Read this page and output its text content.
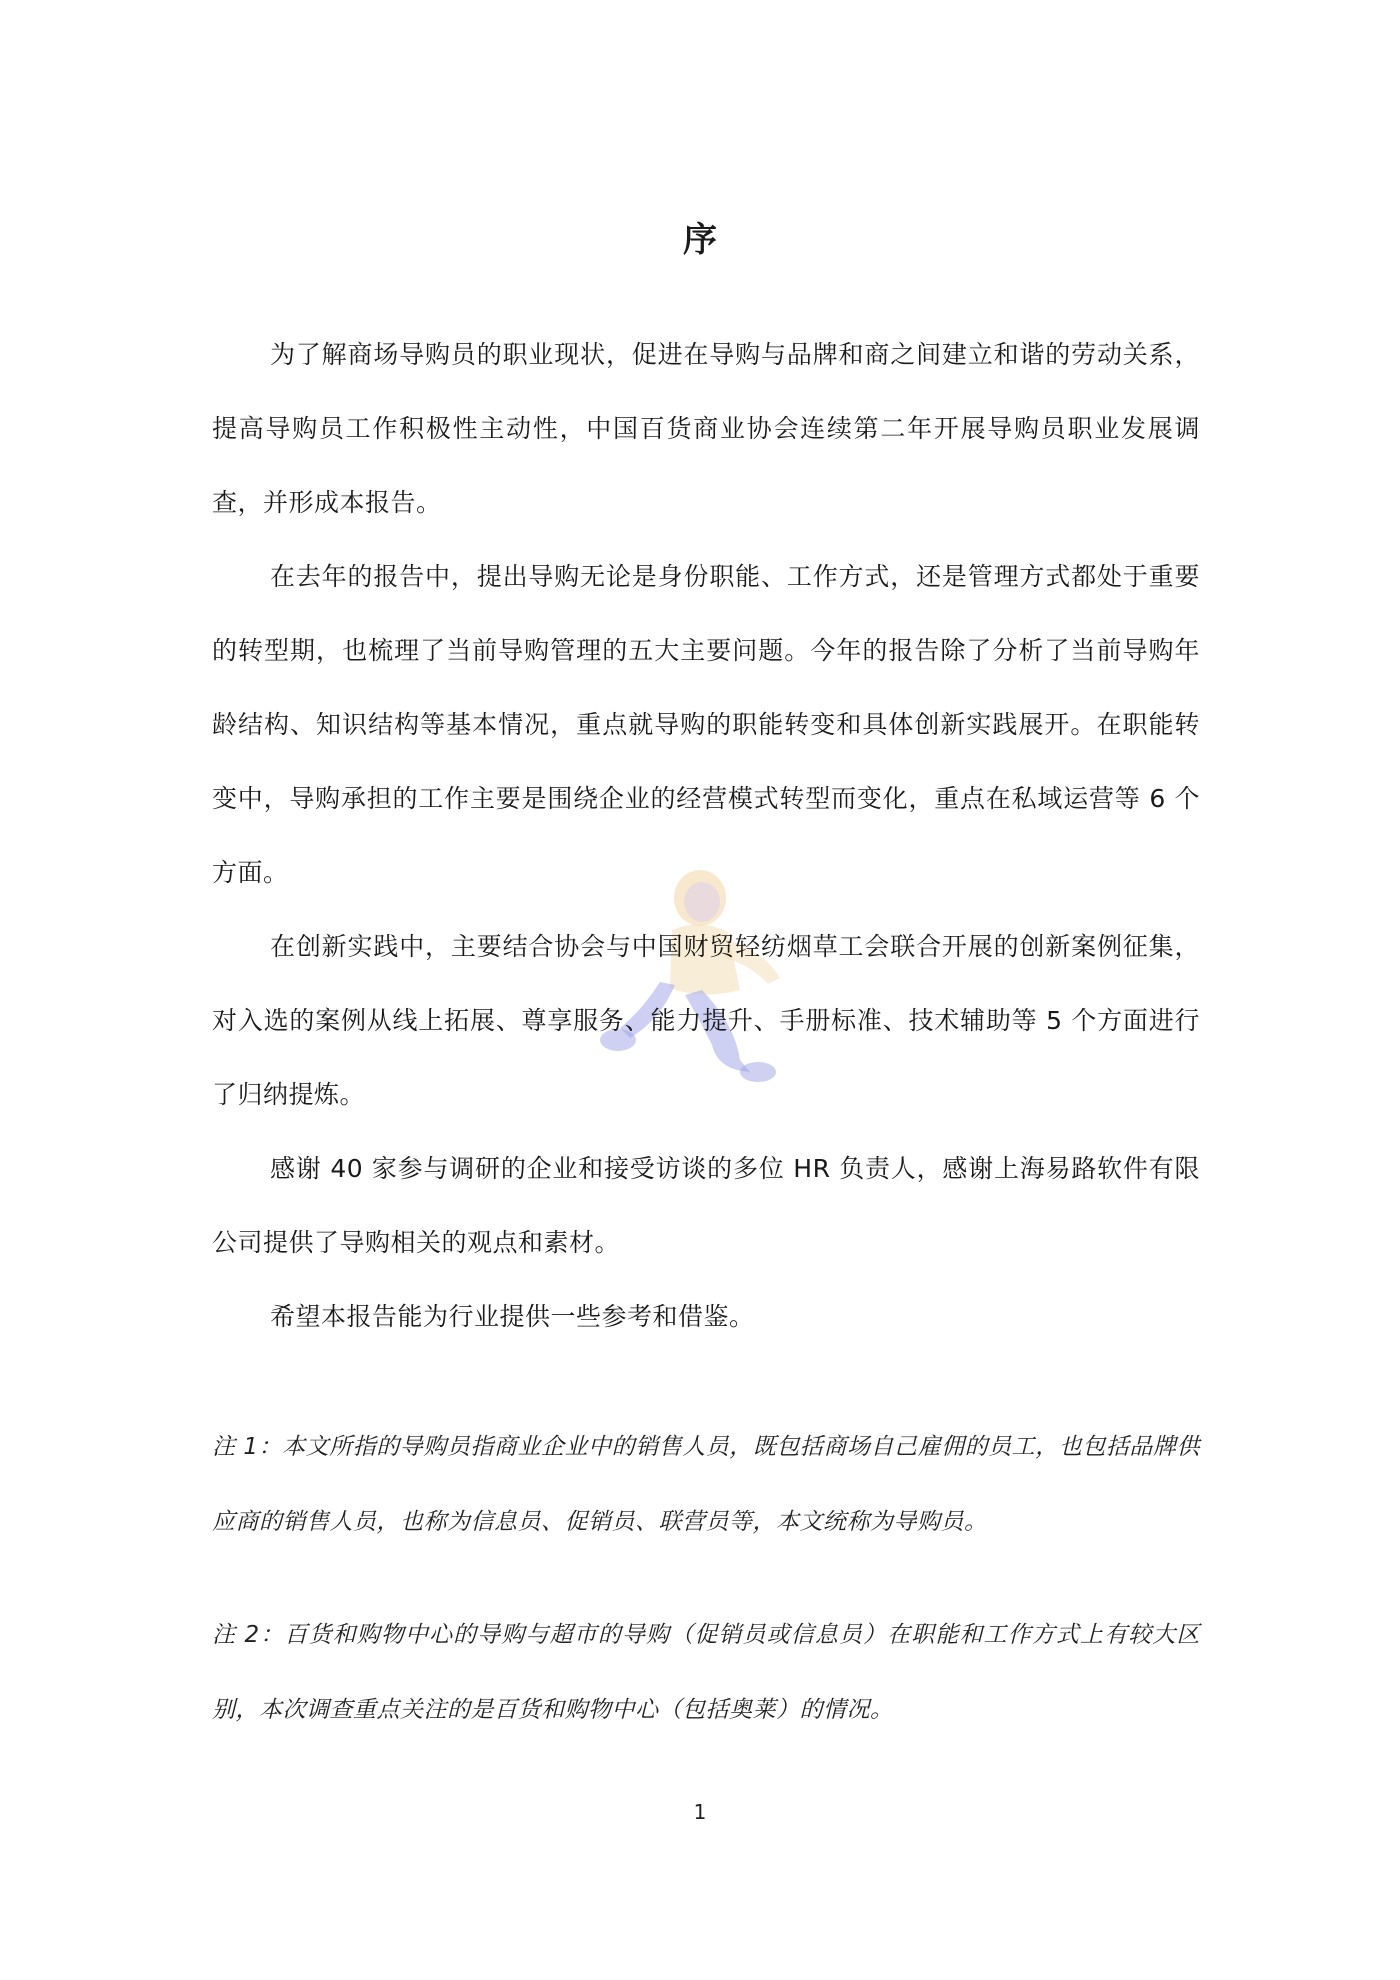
序

为了解商场导购员的职业现状，促进在导购与品牌和商之间建立和谐的劳动关系，提高导购员工作积极性主动性，中国百货商业协会连续第二年开展导购员职业发展调查，并形成本报告。

在去年的报告中，提出导购无论是身份职能、工作方式，还是管理方式都处于重要的转型期，也梳理了当前导购管理的五大主要问题。今年的报告除了分析了当前导购年龄结构、知识结构等基本情况，重点就导购的职能转变和具体创新实践展开。在职能转变中，导购承担的工作主要是围绕企业的经营模式转型而变化，重点在私域运营等 6 个方面。

在创新实践中，主要结合协会与中国财贸轻纺烟草工会联合开展的创新案例征集，对入选的案例从线上拓展、尊享服务、能力提升、手册标准、技术辅助等 5 个方面进行了归纳提炼。

感谢 40 家参与调研的企业和接受访谈的多位 HR 负责人，感谢上海易路软件有限公司提供了导购相关的观点和素材。

希望本报告能为行业提供一些参考和借鉴。

注 1：本文所指的导购员指商业企业中的销售人员，既包括商场自己雇佣的员工，也包括品牌供应商的销售人员，也称为信息员、促销员、联营员等，本文统称为导购员。

注 2：百货和购物中心的导购与超市的导购（促销员或信息员）在职能和工作方式上有较大区别，本次调查重点关注的是百货和购物中心（包括奥莱）的情况。

1
